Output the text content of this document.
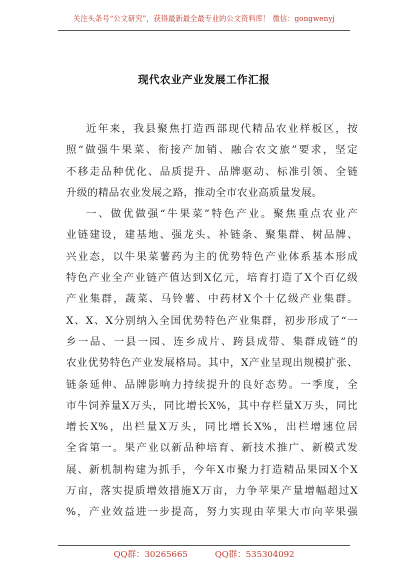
关注头条号“公文研究”，获得最新最全最专业的公文资料库！ 微信：gongwenyj
现代农业产业发展工作汇报
近年来，我县聚焦打造西部现代精品农业样板区，按
照“做强牛果菜、衔接产加销、融合农文旅”要求，坚定
不移走品种优化、品质提升、品牌驱动、标准引领、全链
升级的精品农业发展之路，推动全市农业高质量发展。
一、做优做强“牛果菜”特色产业。聚焦重点农业产
业链建设，建基地、强龙头、补链条、聚集群、树品牌、
兴业态，以牛果菜薯药为主的优势特色产业体系基本形成
特色产业全产业链产值达到X亿元，培育打造了X个百亿级
产业集群，蔬菜、马铃薯、中药材X个十亿级产业集群。
X、X、X分别纳入全国优势特色产业集群，初步形成了“一
乡一品、一县一园、连乡成片、跨县成带、集群成链”的
农业优势特色产业发展格局。其中，X产业呈现出规模扩张、
链条延伸、品牌影响力持续提升的良好态势。一季度，全
市牛饲养量X万头，同比增长X%，其中存栏量X万头，同比
增长X%，出栏量X万头，同比增长X%，出栏增速位居
全省第一。果产业以新品种培育、新技术推广、新模式发
展、新机制构建为抓手，今年X市聚力打造精品果园X个X
万亩，落实提质增效措施X万亩，力争苹果产量增幅超过X
%，产业效益进一步提高，努力实现由苹果大市向苹果强
QQ群：30265665	QQ群：535304092
